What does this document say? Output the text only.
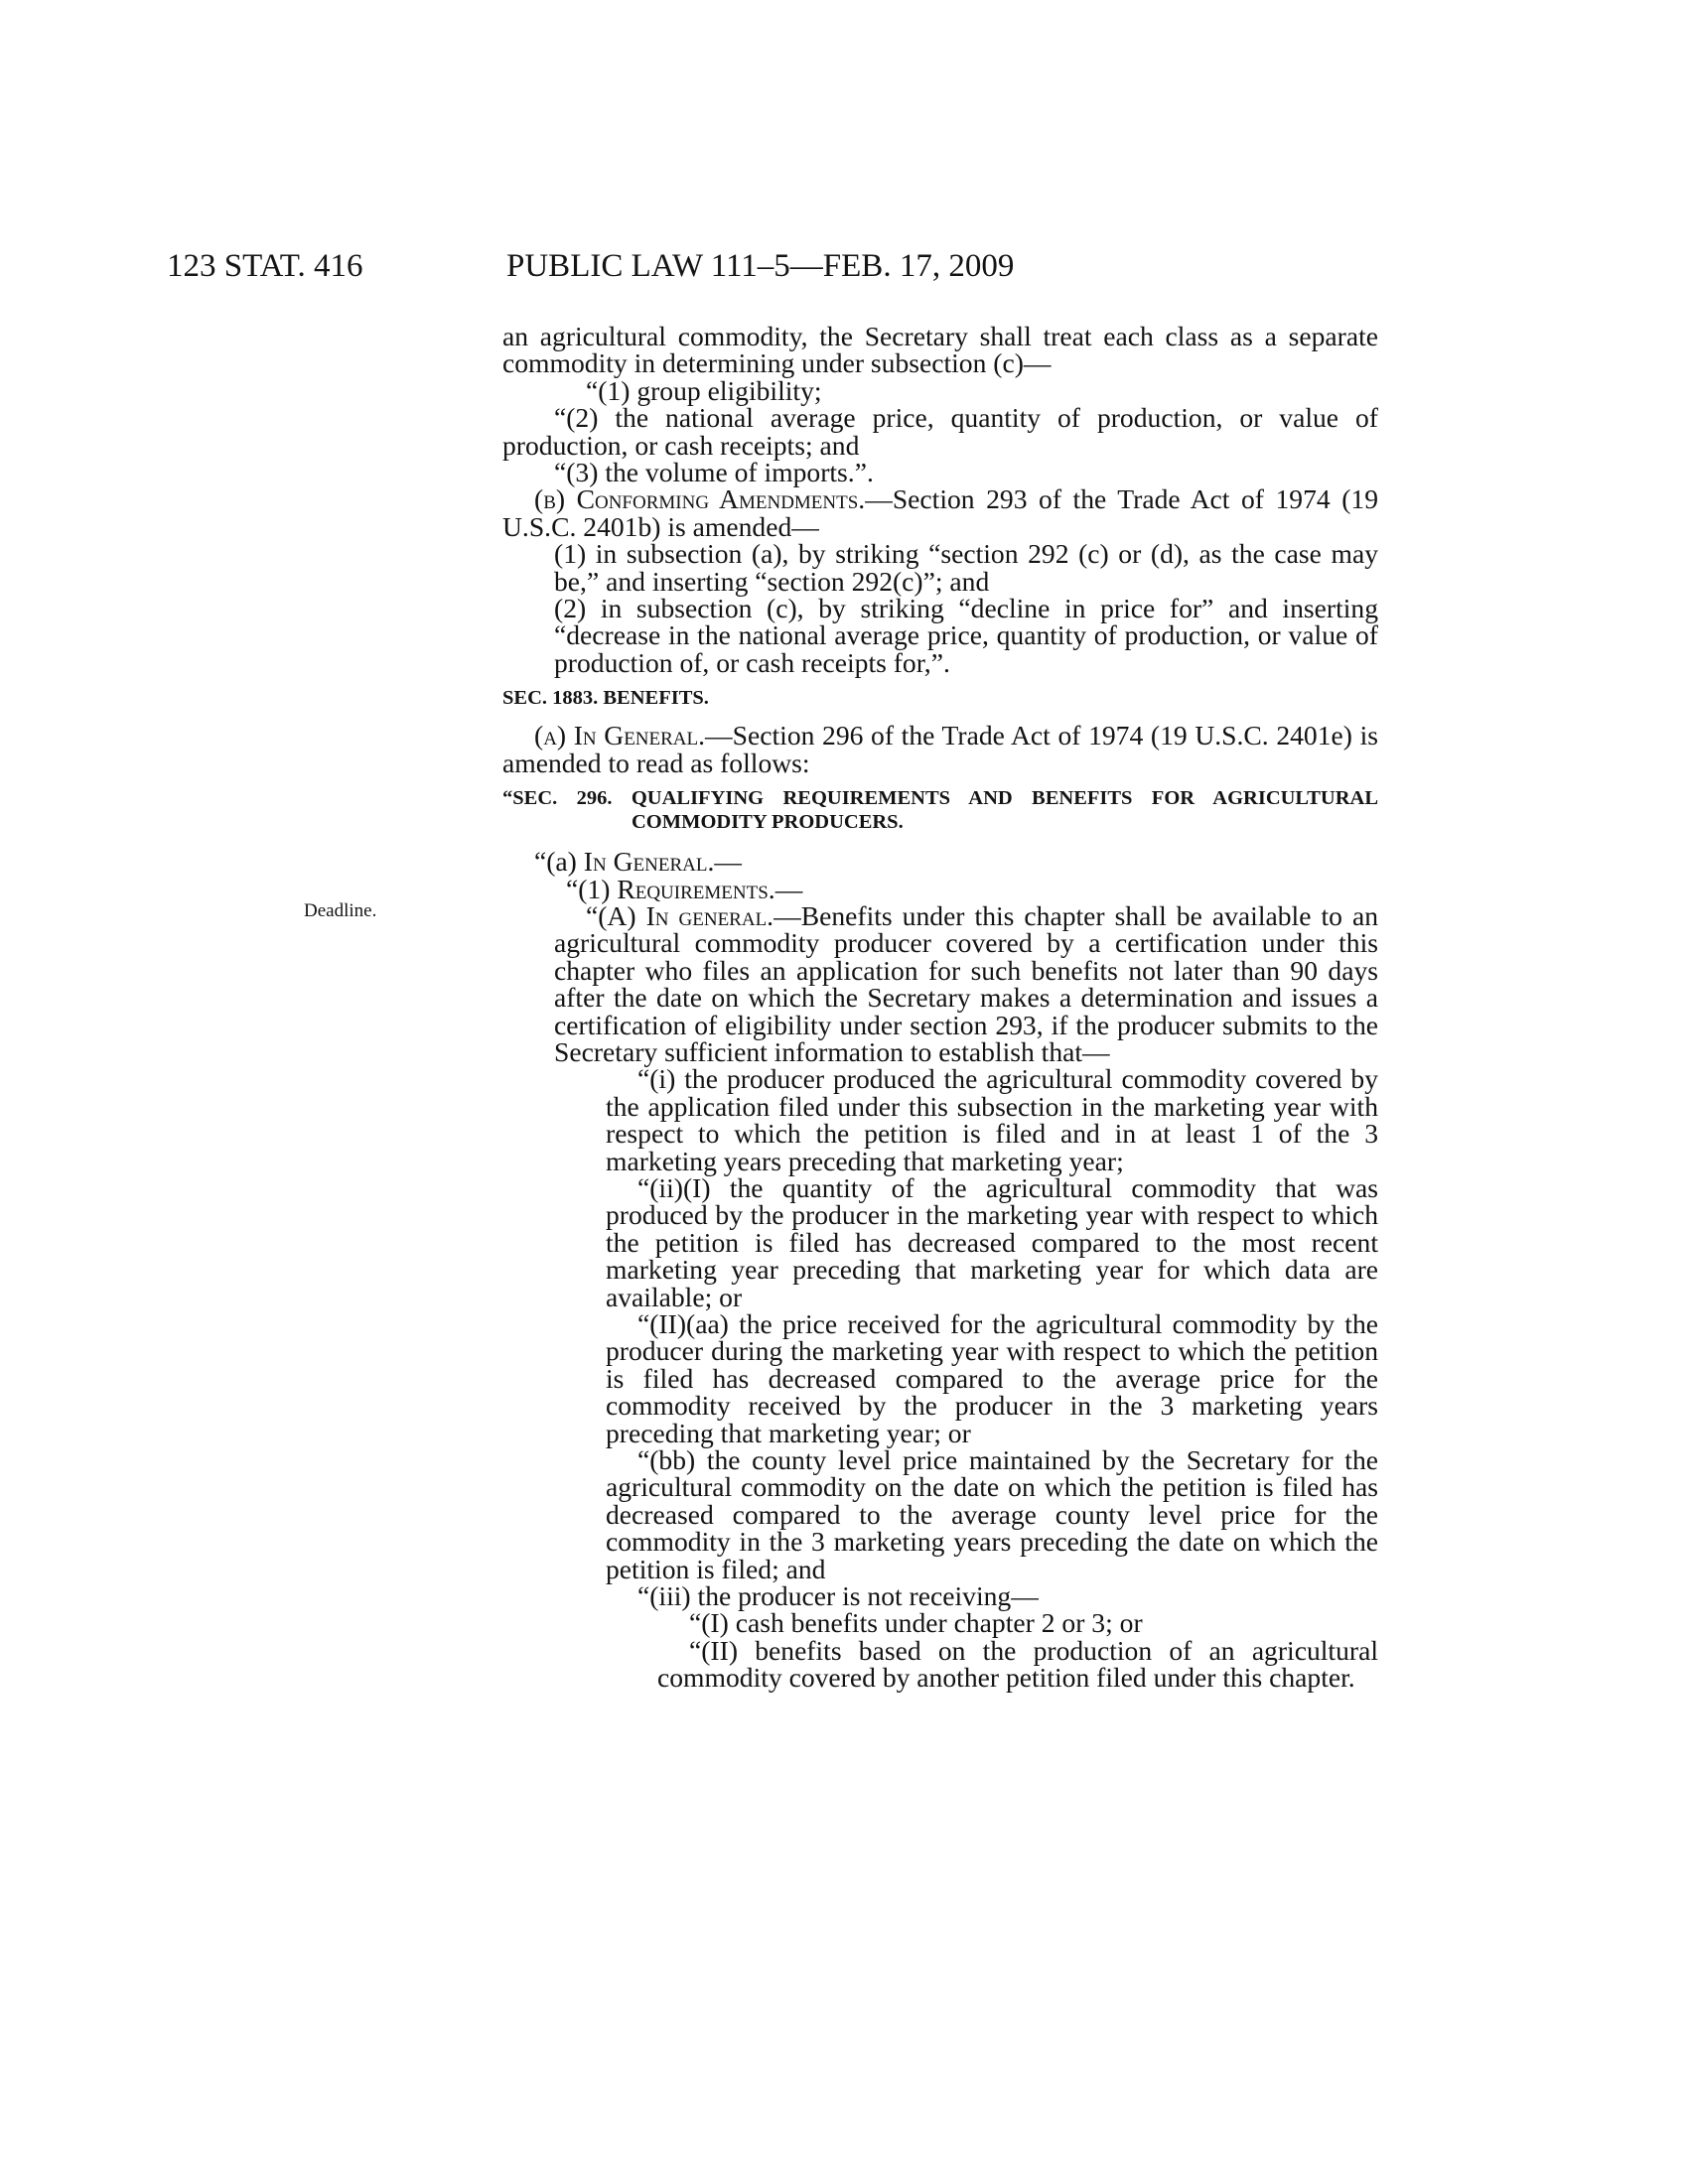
123 STAT. 416	PUBLIC LAW 111–5—FEB. 17, 2009
Deadline.

an agricultural commodity, the Secretary shall treat each class as a separate commodity in determining under subsection (c)—

“(1) group eligibility;

“(2) the national average price, quantity of production, or value of production, or cash receipts; and

“(3) the volume of imports.”.

(b) Conforming Amendments.—Section 293 of the Trade Act of 1974 (19 U.S.C. 2401b) is amended—

(1) in subsection (a), by striking “section 292 (c) or (d), as the case may be,” and inserting “section 292(c)”; and

(2) in subsection (c), by striking “decline in price for” and inserting “decrease in the national average price, quantity of production, or value of production of, or cash receipts for,”.

SEC. 1883. BENEFITS.

(a) In General.—Section 296 of the Trade Act of 1974 (19 U.S.C. 2401e) is amended to read as follows:

“SEC. 296. QUALIFYING REQUIREMENTS AND BENEFITS FOR AGRICULTURAL COMMODITY PRODUCERS.

“(a) In General.—

“(1) Requirements.—

“(A) In general.—Benefits under this chapter shall be available to an agricultural commodity producer covered by a certification under this chapter who files an application for such benefits not later than 90 days after the date on which the Secretary makes a determination and issues a certification of eligibility under section 293, if the producer submits to the Secretary sufficient information to establish that—

“(i) the producer produced the agricultural commodity covered by the application filed under this subsection in the marketing year with respect to which the petition is filed and in at least 1 of the 3 marketing years preceding that marketing year;

“(ii)(I) the quantity of the agricultural commodity that was produced by the producer in the marketing year with respect to which the petition is filed has decreased compared to the most recent marketing year preceding that marketing year for which data are available; or

“(II)(aa) the price received for the agricultural commodity by the producer during the marketing year with respect to which the petition is filed has decreased compared to the average price for the commodity received by the producer in the 3 marketing years preceding that marketing year; or

“(bb) the county level price maintained by the Secretary for the agricultural commodity on the date on which the petition is filed has decreased compared to the average county level price for the commodity in the 3 marketing years preceding the date on which the petition is filed; and

“(iii) the producer is not receiving—

“(I) cash benefits under chapter 2 or 3; or

“(II) benefits based on the production of an agricultural commodity covered by another petition filed under this chapter.
